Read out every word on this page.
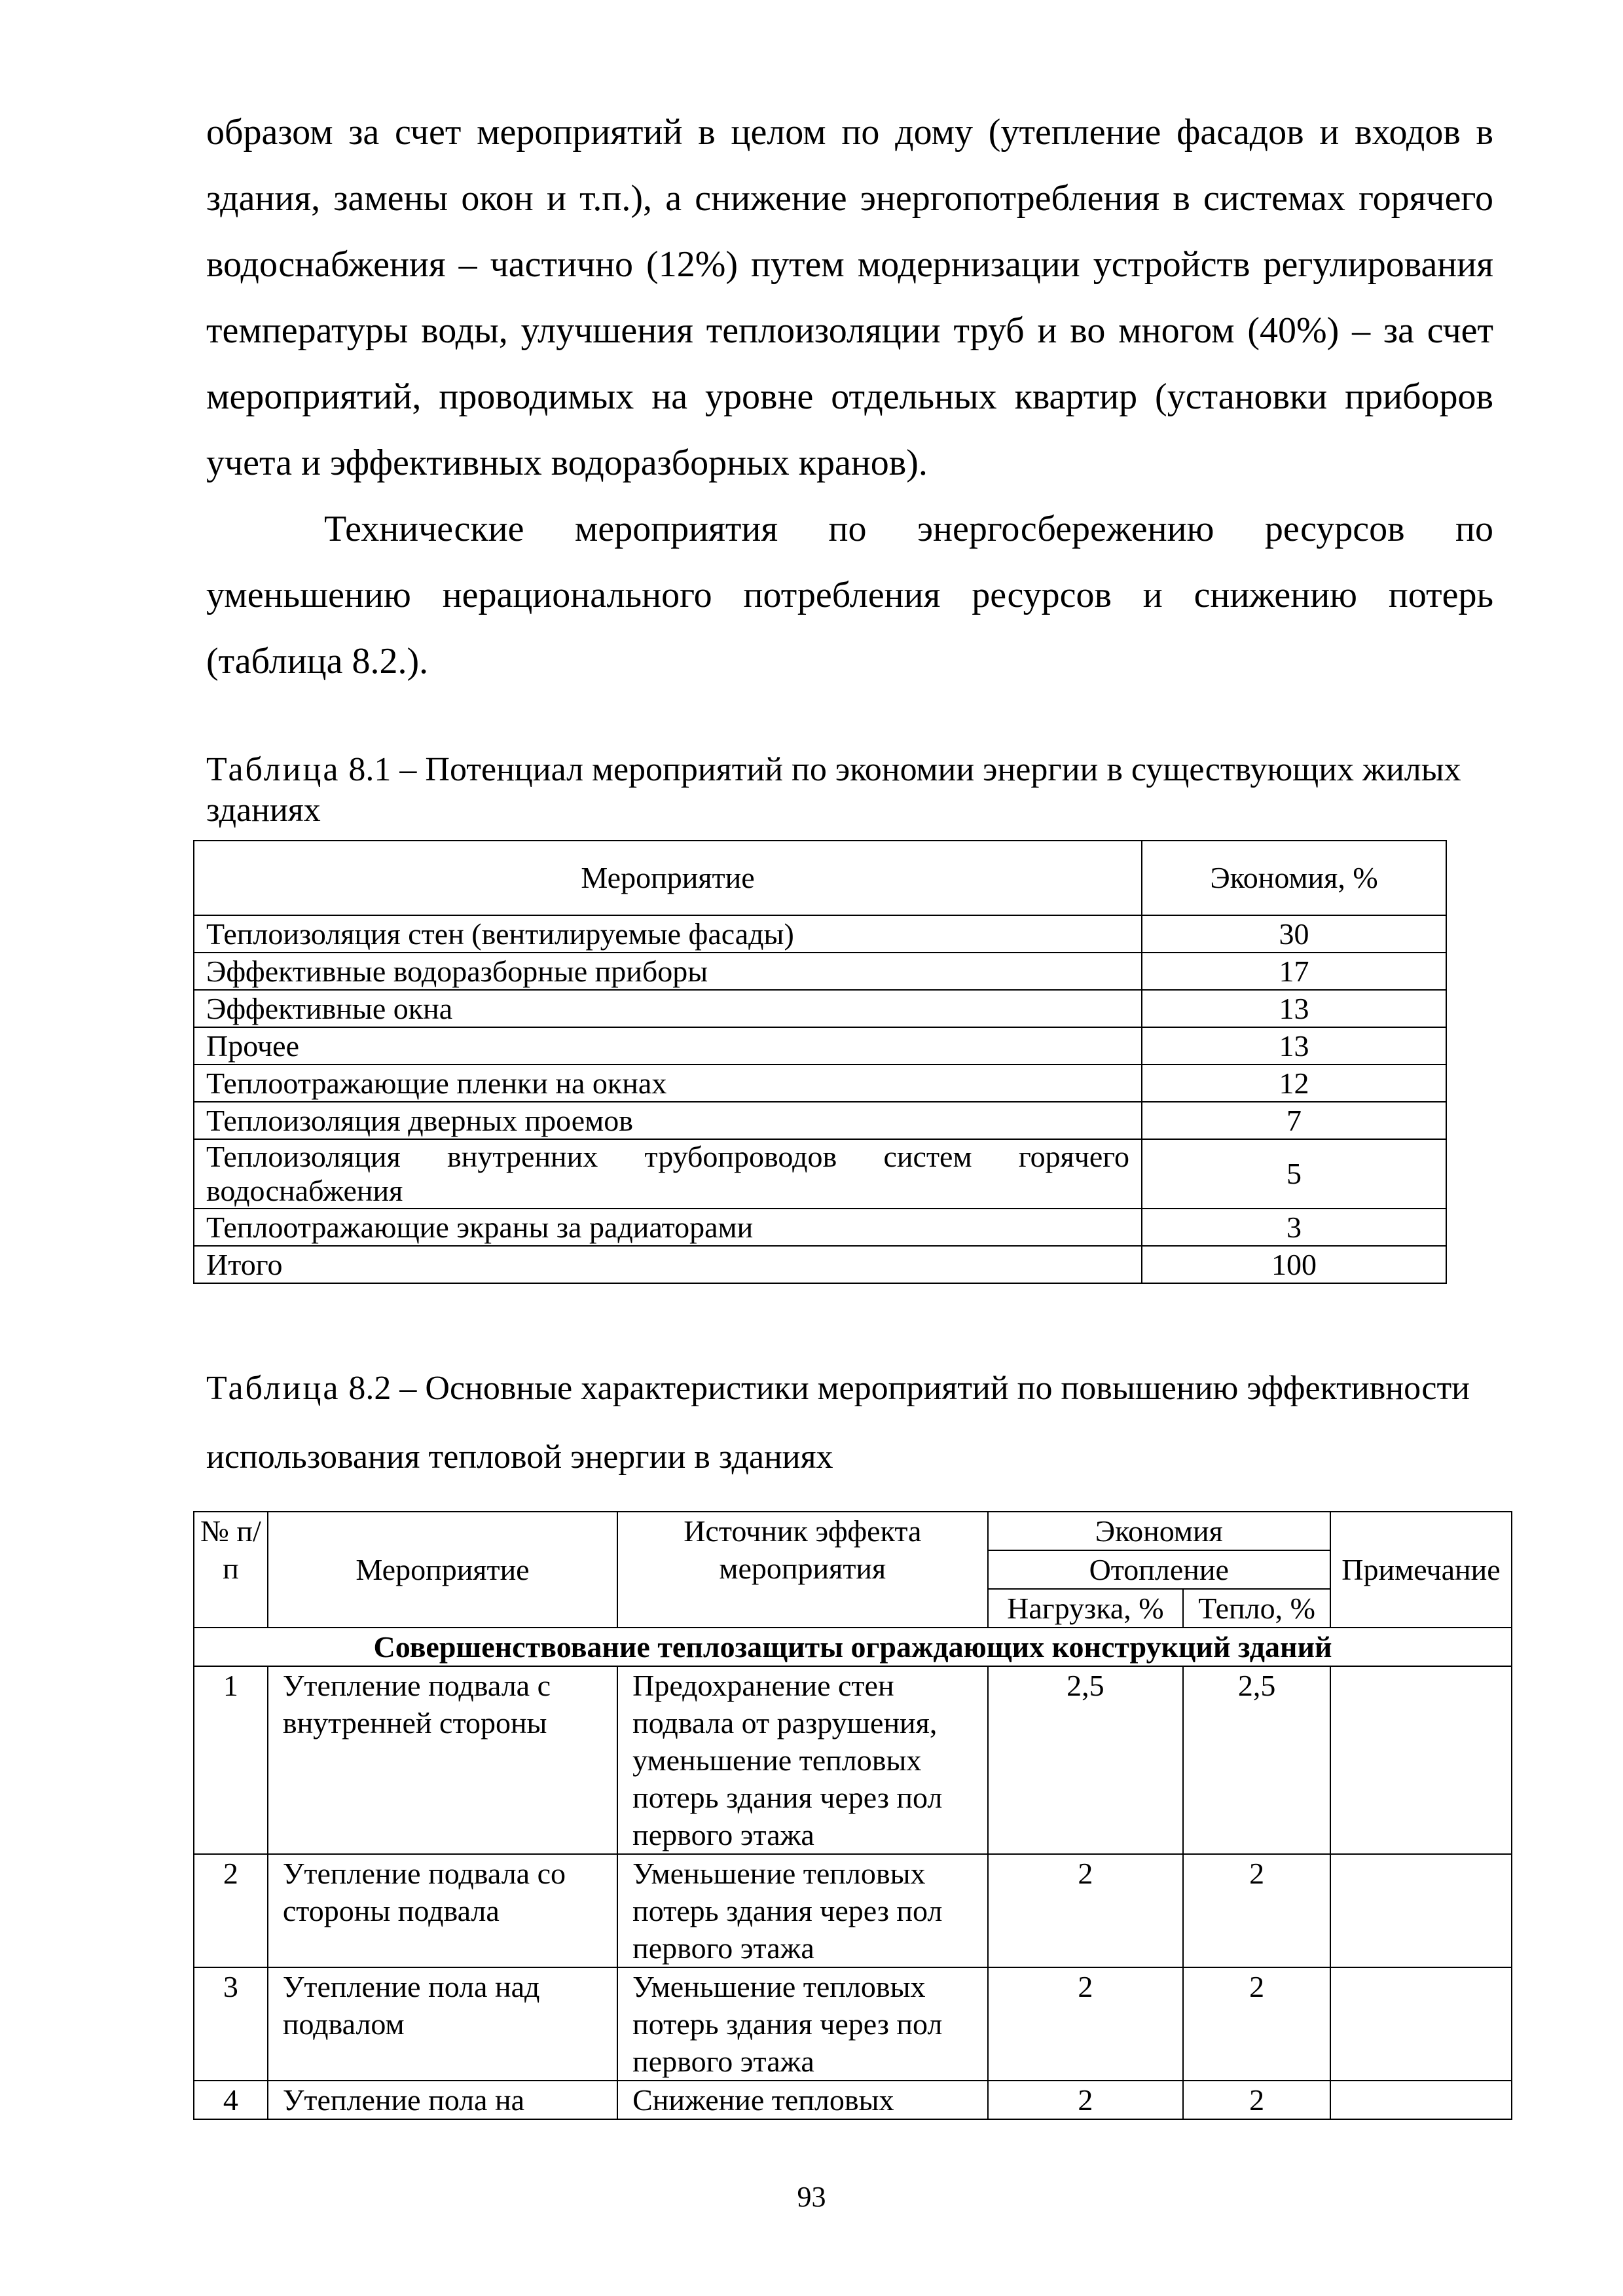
образом за счет мероприятий в целом по дому (утепление фасадов и входов в здания, замены окон и т.п.), а снижение энергопотребления в системах горячего водоснабжения – частично (12%) путем модернизации устройств регулирования температуры воды, улучшения теплоизоляции труб и во многом (40%) – за счет мероприятий, проводимых на уровне отдельных квартир (установки приборов учета и эффективных водоразборных кранов).

Технические мероприятия по энергосбережению ресурсов по уменьшению нерационального потребления ресурсов и снижению потерь (таблица 8.2.).

Таблица 8.1 – Потенциал мероприятий по экономии энергии в существующих жилых зданиях

Мероприятие	Экономия, %
Теплоизоляция стен (вентилируемые фасады)	30
Эффективные водоразборные приборы	17
Эффективные окна	13
Прочее	13
Теплоотражающие пленки на окнах	12
Теплоизоляция дверных проемов	7
Теплоизоляция внутренних трубопроводов систем горячего водоснабжения	5
Теплоотражающие экраны за радиаторами	3
Итого	100

Таблица 8.2 – Основные характеристики мероприятий по повышению эффективности использования тепловой энергии в зданиях

№ п/п	Мероприятие	Источник эффекта мероприятия	Экономия		Примечание
			Отопление		
			Нагрузка, %	Тепло, %	
Совершенствование теплозащиты ограждающих конструкций зданий					
1	Утепление подвала с внутренней стороны	Предохранение стен подвала от разрушения, уменьшение тепловых потерь здания через пол первого этажа	2,5	2,5	
2	Утепление подвала со стороны подвала	Уменьшение тепловых потерь здания через пол первого этажа	2	2	
3	Утепление пола над подвалом	Уменьшение тепловых потерь здания через пол первого этажа	2	2	
4	Утепление пола на	Снижение тепловых	2	2	
93
